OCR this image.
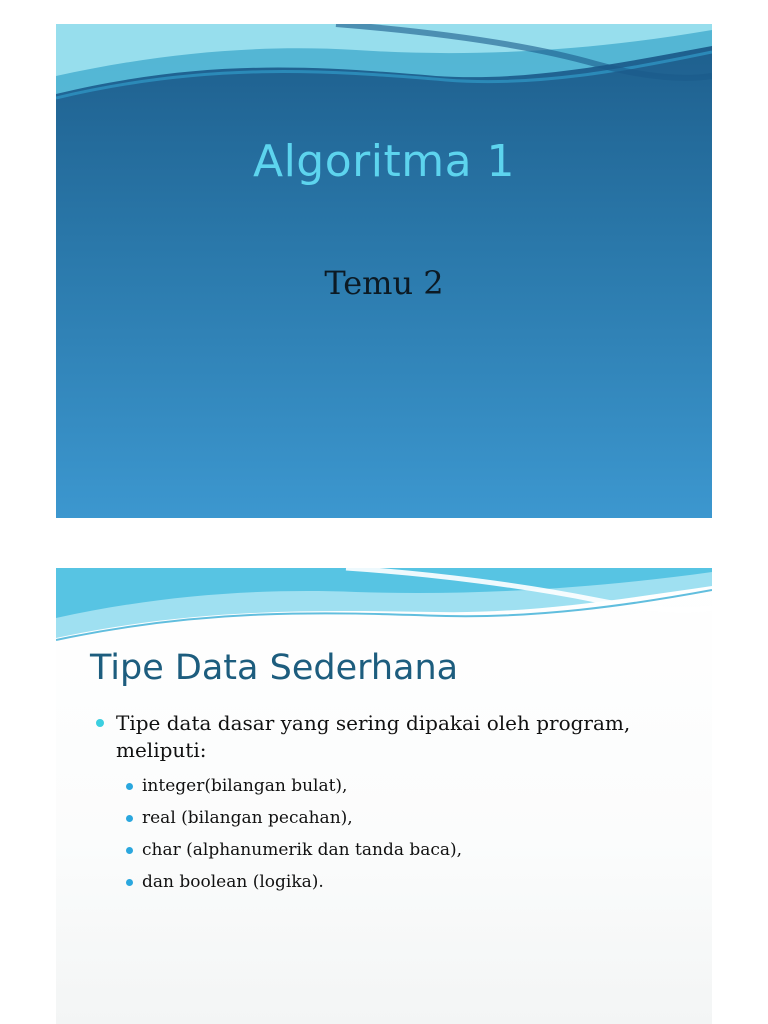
Algoritma 1
Temu 2
Tipe Data Sederhana
Tipe data dasar yang sering dipakai oleh program,
meliputi:
integer(bilangan bulat),
real (bilangan pecahan),
char (alphanumerik dan tanda baca),
dan boolean (logika).
